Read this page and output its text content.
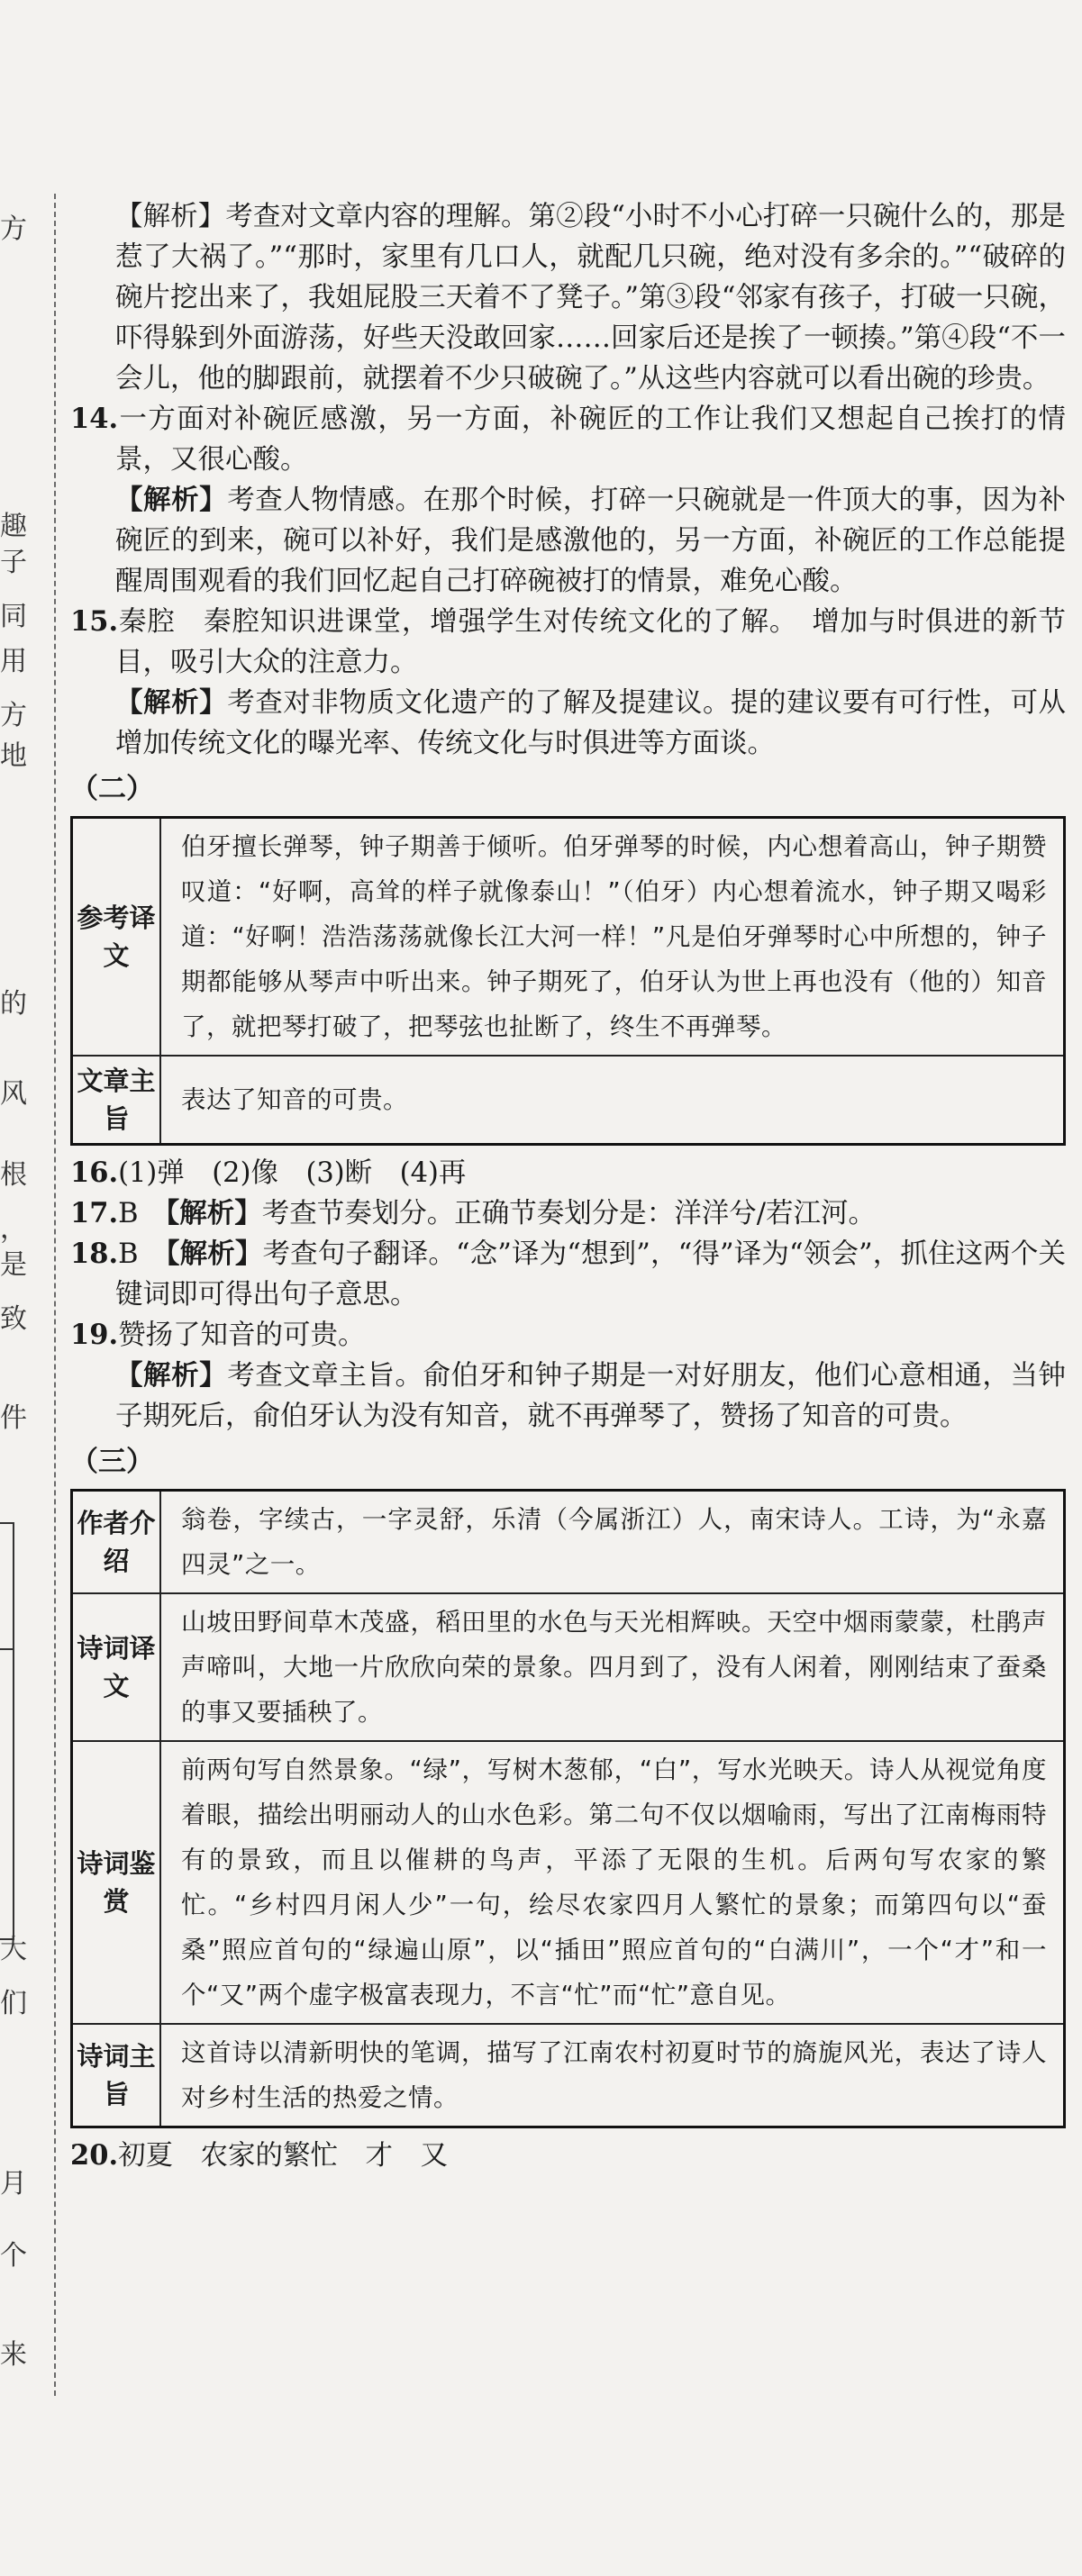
方
趣
子
同
用
方
地
的
风
根
，
是
致
件
大
们
月
个
来

【解析】考查对文章内容的理解。第②段“小时不小心打碎一只碗什么的，那是惹了大祸了。”“那时，家里有几口人，就配几只碗，绝对没有多余的。”“破碎的碗片挖出来了，我姐屁股三天着不了凳子。”第③段“邻家有孩子，打破一只碗，吓得躲到外面游荡，好些天没敢回家……回家后还是挨了一顿揍。”第④段“不一会儿，他的脚跟前，就摆着不少只破碗了。”从这些内容就可以看出碗的珍贵。

14.一方面对补碗匠感激，另一方面，补碗匠的工作让我们又想起自己挨打的情景，又很心酸。

【解析】考查人物情感。在那个时候，打碎一只碗就是一件顶大的事，因为补碗匠的到来，碗可以补好，我们是感激他的，另一方面，补碗匠的工作总能提醒周围观看的我们回忆起自己打碎碗被打的情景，难免心酸。

15.秦腔　秦腔知识进课堂，增强学生对传统文化的了解。　增加与时俱进的新节目，吸引大众的注意力。

【解析】考查对非物质文化遗产的了解及提建议。提的建议要有可行性，可从增加传统文化的曝光率、传统文化与时俱进等方面谈。

（二）
参考译文	伯牙擅长弹琴，钟子期善于倾听。伯牙弹琴的时候，内心想着高山，钟子期赞叹道：“好啊，高耸的样子就像泰山！”（伯牙）内心想着流水，钟子期又喝彩道：“好啊！浩浩荡荡就像长江大河一样！”凡是伯牙弹琴时心中所想的，钟子期都能够从琴声中听出来。钟子期死了，伯牙认为世上再也没有（他的）知音了，就把琴打破了，把琴弦也扯断了，终生不再弹琴。
文章主旨	表达了知音的可贵。

16.(1)弹　(2)像　(3)断　(4)再

17.B　【解析】考查节奏划分。正确节奏划分是：洋洋兮/若江河。

18.B　【解析】考查句子翻译。“念”译为“想到”，“得”译为“领会”，抓住这两个关键词即可得出句子意思。

19.赞扬了知音的可贵。

【解析】考查文章主旨。俞伯牙和钟子期是一对好朋友，他们心意相通，当钟子期死后，俞伯牙认为没有知音，就不再弹琴了，赞扬了知音的可贵。

（三）
作者介绍	翁卷，字续古，一字灵舒，乐清（今属浙江）人，南宋诗人。工诗，为“永嘉四灵”之一。
诗词译文	山坡田野间草木茂盛，稻田里的水色与天光相辉映。天空中烟雨蒙蒙，杜鹃声声啼叫，大地一片欣欣向荣的景象。四月到了，没有人闲着，刚刚结束了蚕桑的事又要插秧了。
诗词鉴赏	前两句写自然景象。“绿”，写树木葱郁，“白”，写水光映天。诗人从视觉角度着眼，描绘出明丽动人的山水色彩。第二句不仅以烟喻雨，写出了江南梅雨特有的景致，而且以催耕的鸟声，平添了无限的生机。后两句写农家的繁忙。“乡村四月闲人少”一句，绘尽农家四月人繁忙的景象；而第四句以“蚕桑”照应首句的“绿遍山原”，以“插田”照应首句的“白满川”，一个“才”和一个“又”两个虚字极富表现力，不言“忙”而“忙”意自见。
诗词主旨	这首诗以清新明快的笔调，描写了江南农村初夏时节的旖旎风光，表达了诗人对乡村生活的热爱之情。

20.初夏　农家的繁忙　才　又
